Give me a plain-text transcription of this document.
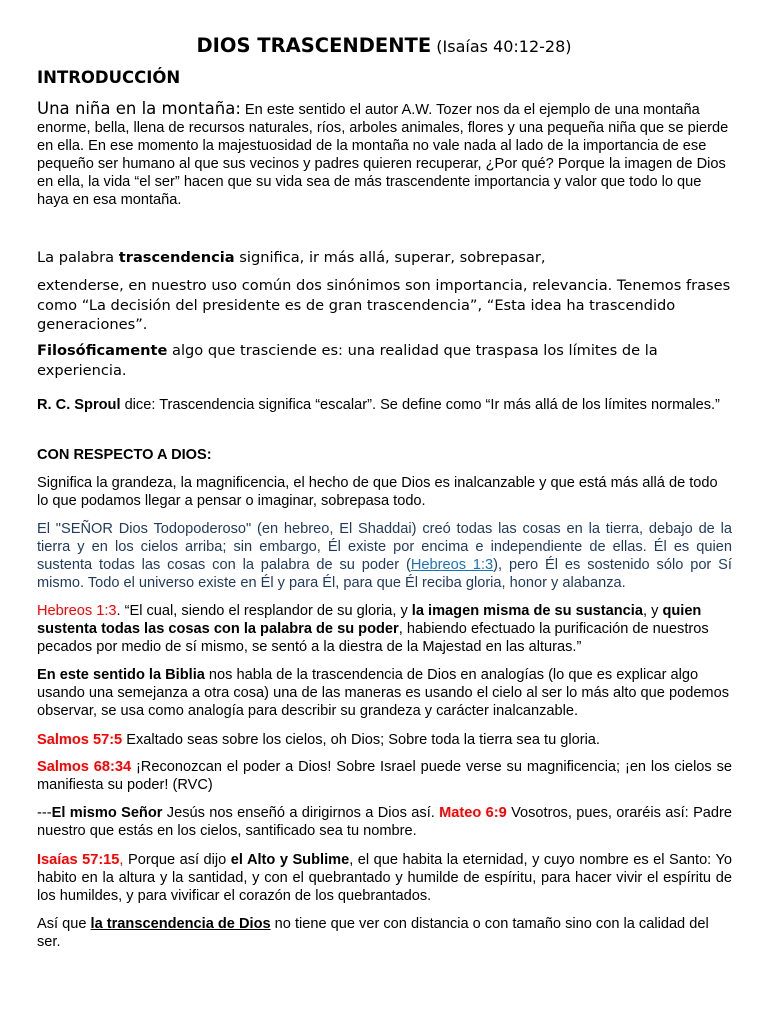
DIOS TRASCENDENTE (Isaías 40:12-28)

INTRODUCCIÓN

Una niña en la montaña: En este sentido el autor A.W. Tozer nos da el ejemplo de una montaña enorme, bella, llena de recursos naturales, ríos, arboles animales, flores y una pequeña niña que se pierde en ella. En ese momento la majestuosidad de la montaña no vale nada al lado de la importancia de ese pequeño ser humano al que sus vecinos y padres quieren recuperar, ¿Por qué? Porque la imagen de Dios en ella, la vida “el ser” hacen que su vida sea de más trascendente importancia y valor que todo lo que haya en esa montaña.

La palabra trascendencia significa, ir más allá, superar, sobrepasar,

extenderse, en nuestro uso común dos sinónimos son importancia, relevancia. Tenemos frases como “La decisión del presidente es de gran trascendencia”, “Esta idea ha trascendido generaciones”.

Filosóficamente algo que trasciende es: una realidad que traspasa los límites de la experiencia.

R. C. Sproul dice: Trascendencia significa “escalar”. Se define como “Ir más allá de los límites normales.”

CON RESPECTO A DIOS:

Significa la grandeza, la magnificencia, el hecho de que Dios es inalcanzable y que está más allá de todo lo que podamos llegar a pensar o imaginar, sobrepasa todo.

El "SEÑOR Dios Todopoderoso" (en hebreo, El Shaddai) creó todas las cosas en la tierra, debajo de la tierra y en los cielos arriba; sin embargo, Él existe por encima e independiente de ellas. Él es quien sustenta todas las cosas con la palabra de su poder (Hebreos 1:3), pero Él es sostenido sólo por Sí mismo. Todo el universo existe en Él y para Él, para que Él reciba gloria, honor y alabanza.

Hebreos 1:3. “El cual, siendo el resplandor de su gloria, y la imagen misma de su sustancia, y quien sustenta todas las cosas con la palabra de su poder, habiendo efectuado la purificación de nuestros pecados por medio de sí mismo, se sentó a la diestra de la Majestad en las alturas.”

En este sentido la Biblia nos habla de la trascendencia de Dios en analogías (lo que es explicar algo usando una semejanza a otra cosa) una de las maneras es usando el cielo al ser lo más alto que podemos observar, se usa como analogía para describir su grandeza y carácter inalcanzable.

Salmos 57:5 Exaltado seas sobre los cielos, oh Dios; Sobre toda la tierra sea tu gloria.

Salmos 68:34 ¡Reconozcan el poder a Dios! Sobre Israel puede verse su magnificencia; ¡en los cielos se manifiesta su poder! (RVC)

---El mismo Señor Jesús nos enseñó a dirigirnos a Dios así. Mateo 6:9 Vosotros, pues, oraréis así: Padre nuestro que estás en los cielos, santificado sea tu nombre.

Isaías 57:15, Porque así dijo el Alto y Sublime, el que habita la eternidad, y cuyo nombre es el Santo: Yo habito en la altura y la santidad, y con el quebrantado y humilde de espíritu, para hacer vivir el espíritu de los humildes, y para vivificar el corazón de los quebrantados.

Así que la transcendencia de Dios no tiene que ver con distancia o con tamaño sino con la calidad del ser.
